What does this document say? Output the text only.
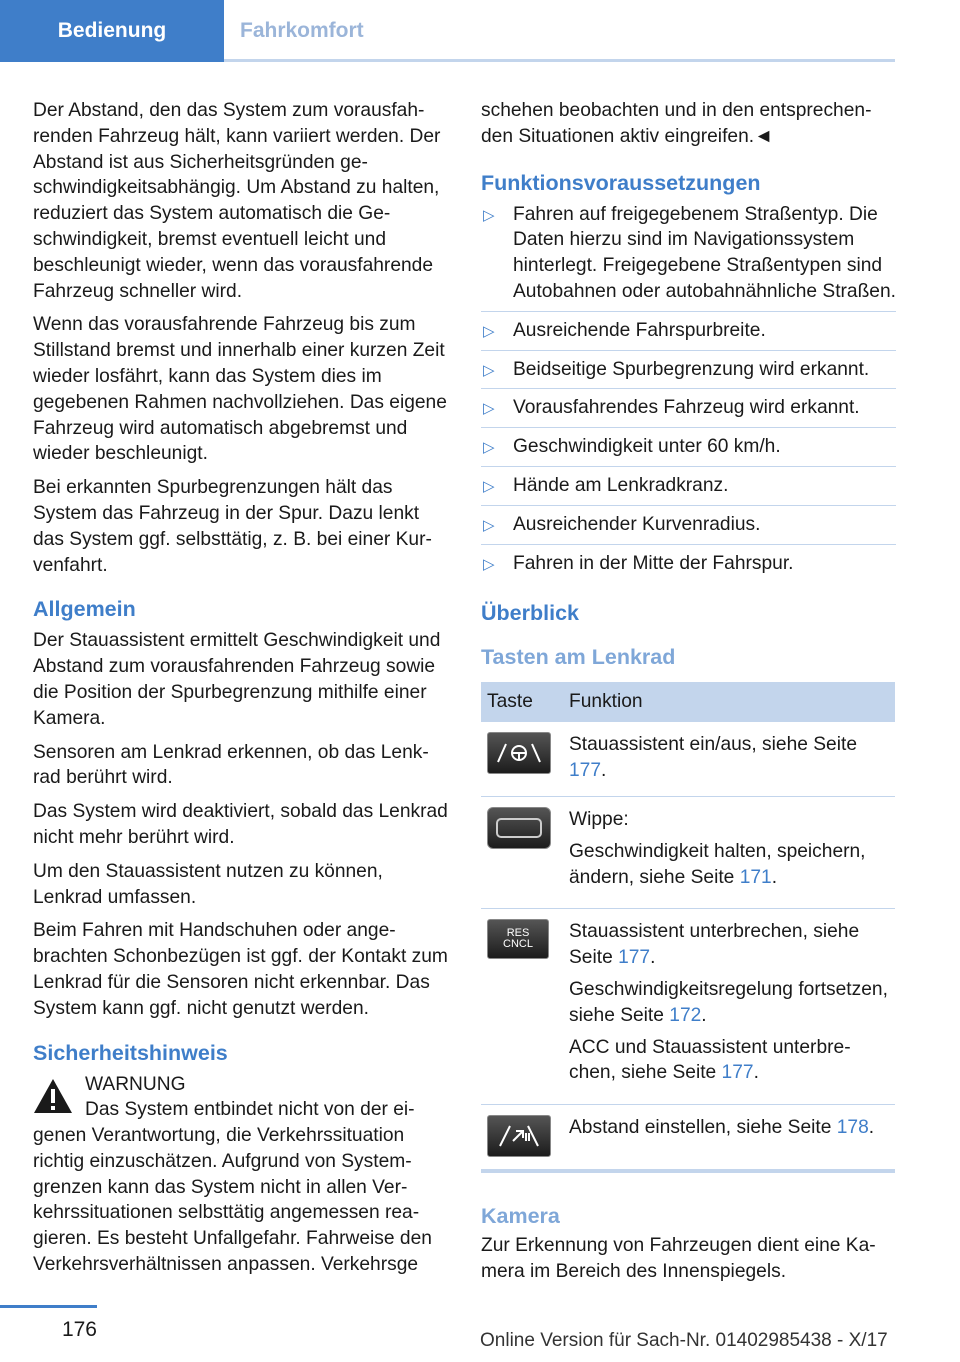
Bedienung	Fahrkomfort

Der Abstand, den das System zum vorausfahrenden Fahrzeug hält, kann variiert werden. Der Abstand ist aus Sicherheitsgründen geschwindigkeitsabhängig. Um Abstand zu halten, reduziert das System automatisch die Geschwindigkeit, bremst eventuell leicht und beschleunigt wieder, wenn das vorausfahrende Fahrzeug schneller wird.

Wenn das vorausfahrende Fahrzeug bis zum Stillstand bremst und innerhalb einer kurzen Zeit wieder losfährt, kann das System dies im gegebenen Rahmen nachvollziehen. Das eigene Fahrzeug wird automatisch abgebremst und wieder beschleunigt.

Bei erkannten Spurbegrenzungen hält das System das Fahrzeug in der Spur. Dazu lenkt das System ggf. selbsttätig, z. B. bei einer Kurvenfahrt.

Allgemein

Der Stauassistent ermittelt Geschwindigkeit und Abstand zum vorausfahrenden Fahrzeug sowie die Position der Spurbegrenzung mithilfe einer Kamera.

Sensoren am Lenkrad erkennen, ob das Lenkrad berührt wird.

Das System wird deaktiviert, sobald das Lenkrad nicht mehr berührt wird.

Um den Stauassistent nutzen zu können, Lenkrad umfassen.

Beim Fahren mit Handschuhen oder angebrachten Schonbezügen ist ggf. der Kontakt zum Lenkrad für die Sensoren nicht erkennbar. Das System kann ggf. nicht genutzt werden.

Sicherheitshinweis

WARNUNG

Das System entbindet nicht von der eigenen Verantwortung, die Verkehrssituation richtig einzuschätzen. Aufgrund von Systemgrenzen kann das System nicht in allen Verkehrssituationen selbsttätig angemessen reagieren. Es besteht Unfallgefahr. Fahrweise den Verkehrsverhältnissen anpassen. Verkehrsge

schehen beobachten und in den entsprechenden Situationen aktiv eingreifen.◄

Funktionsvoraussetzungen
▷ Fahren auf freigegebenem Straßentyp. Die Daten hierzu sind im Navigationssystem hinterlegt. Freigegebene Straßentypen sind Autobahnen oder autobahnähnliche Straßen.
▷ Ausreichende Fahrspurbreite.
▷ Beidseitige Spurbegrenzung wird erkannt.
▷ Vorausfahrendes Fahrzeug wird erkannt.
▷ Geschwindigkeit unter 60 km/h.
▷ Hände am Lenkradkranz.
▷ Ausreichender Kurvenradius.
▷ Fahren in der Mitte der Fahrspur.
Überblick
Tasten am Lenkrad
Taste	Funktion

	Stauassistent ein/aus, siehe Seite 177.

Wippe:

Geschwindigkeit halten, speichern, ändern, siehe Seite 171.

RES CNCL	Stauassistent unterbrechen, siehe Seite 177.

Geschwindigkeitsregelung fortsetzen, siehe Seite 172.

ACC und Stauassistent unterbrechen, siehe Seite 177.

	Abstand einstellen, siehe Seite 178.
Kamera

Zur Erkennung von Fahrzeugen dient eine Kamera im Bereich des Innenspiegels.

176	Online Version für Sach-Nr. 01402985438 - X/17
